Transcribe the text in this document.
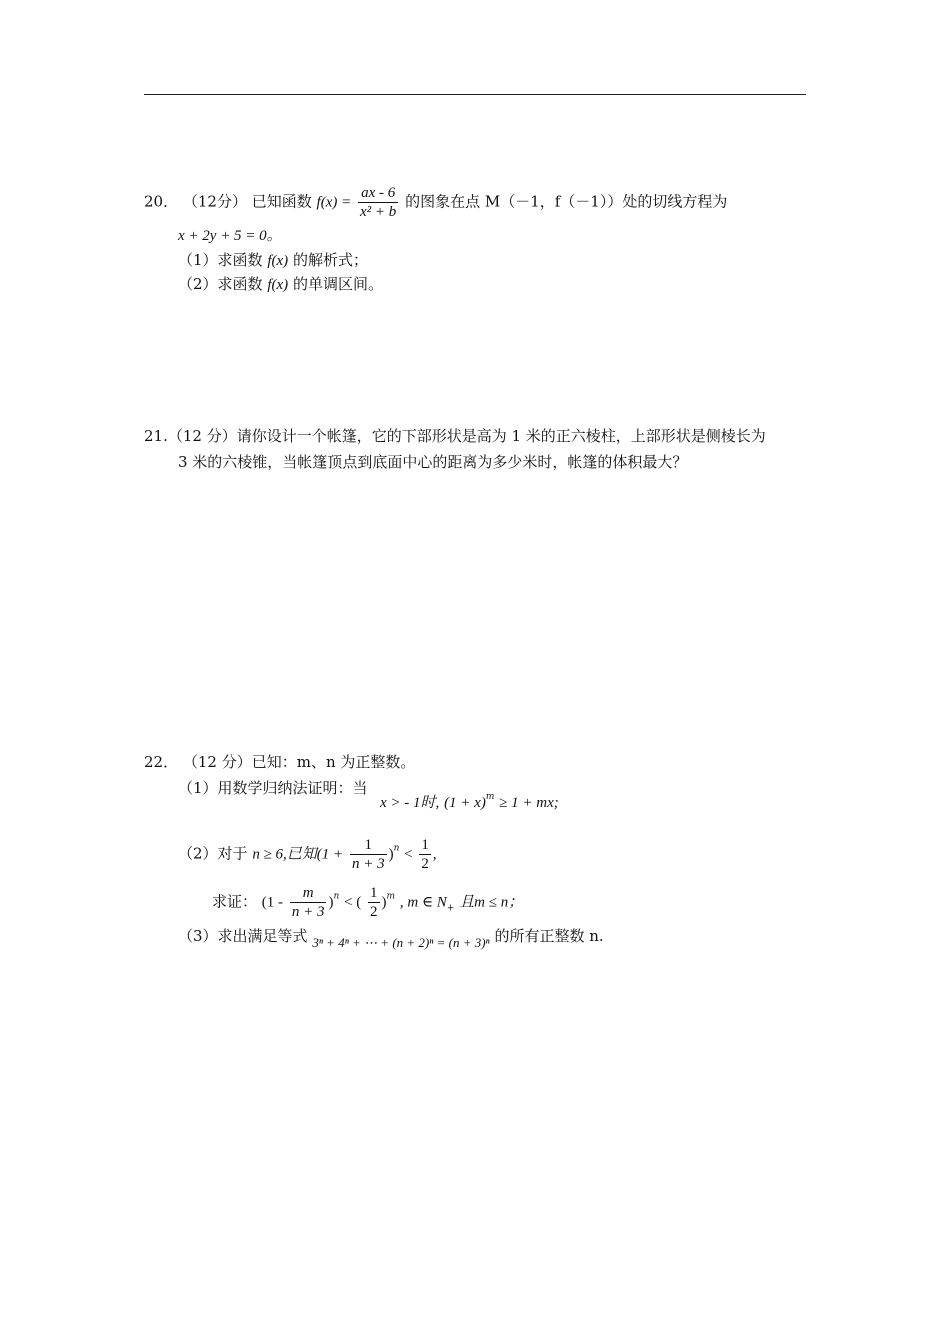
20． （12分） 已知函数 $f(x) = \frac{ax - 6}{\text{x² + b}}$ 的图象在点 M（－1，f（－1））处的切线方程为
x + 2y + 5 = 0。
（1）求函数 f(x) 的解析式；
（2）求函数 f(x) 的单调区间。
21.（12 分）请你设计一个帐篷，它的下部形状是高为 1 米的正六棱柱，上部形状是侧棱长为
3 米的六棱锥，当帐篷顶点到底面中心的距离为多少米时，帐篷的体积最大？
22． （12 分）已知：m、n 为正整数。
（1）用数学归纳法证明：当
x > - 1时, $(1 + x)^m \ge 1$ + mx;
（2）对于 n ≥ 6,已知$(1 + \frac{1}{n + 3} )^n < \frac{1}{2}$ ,
求证： $(1 - \frac{m}{n + 3} )^n$ < ( $\frac{1}{2} )^m$ , m ∈ $N_+$ 且m ≤ n；
（3）求出满足等式 3ⁿ + 4ⁿ + ⋯ + (n + 2)ⁿ = (n + 3)ⁿ 的所有正整数 n.
